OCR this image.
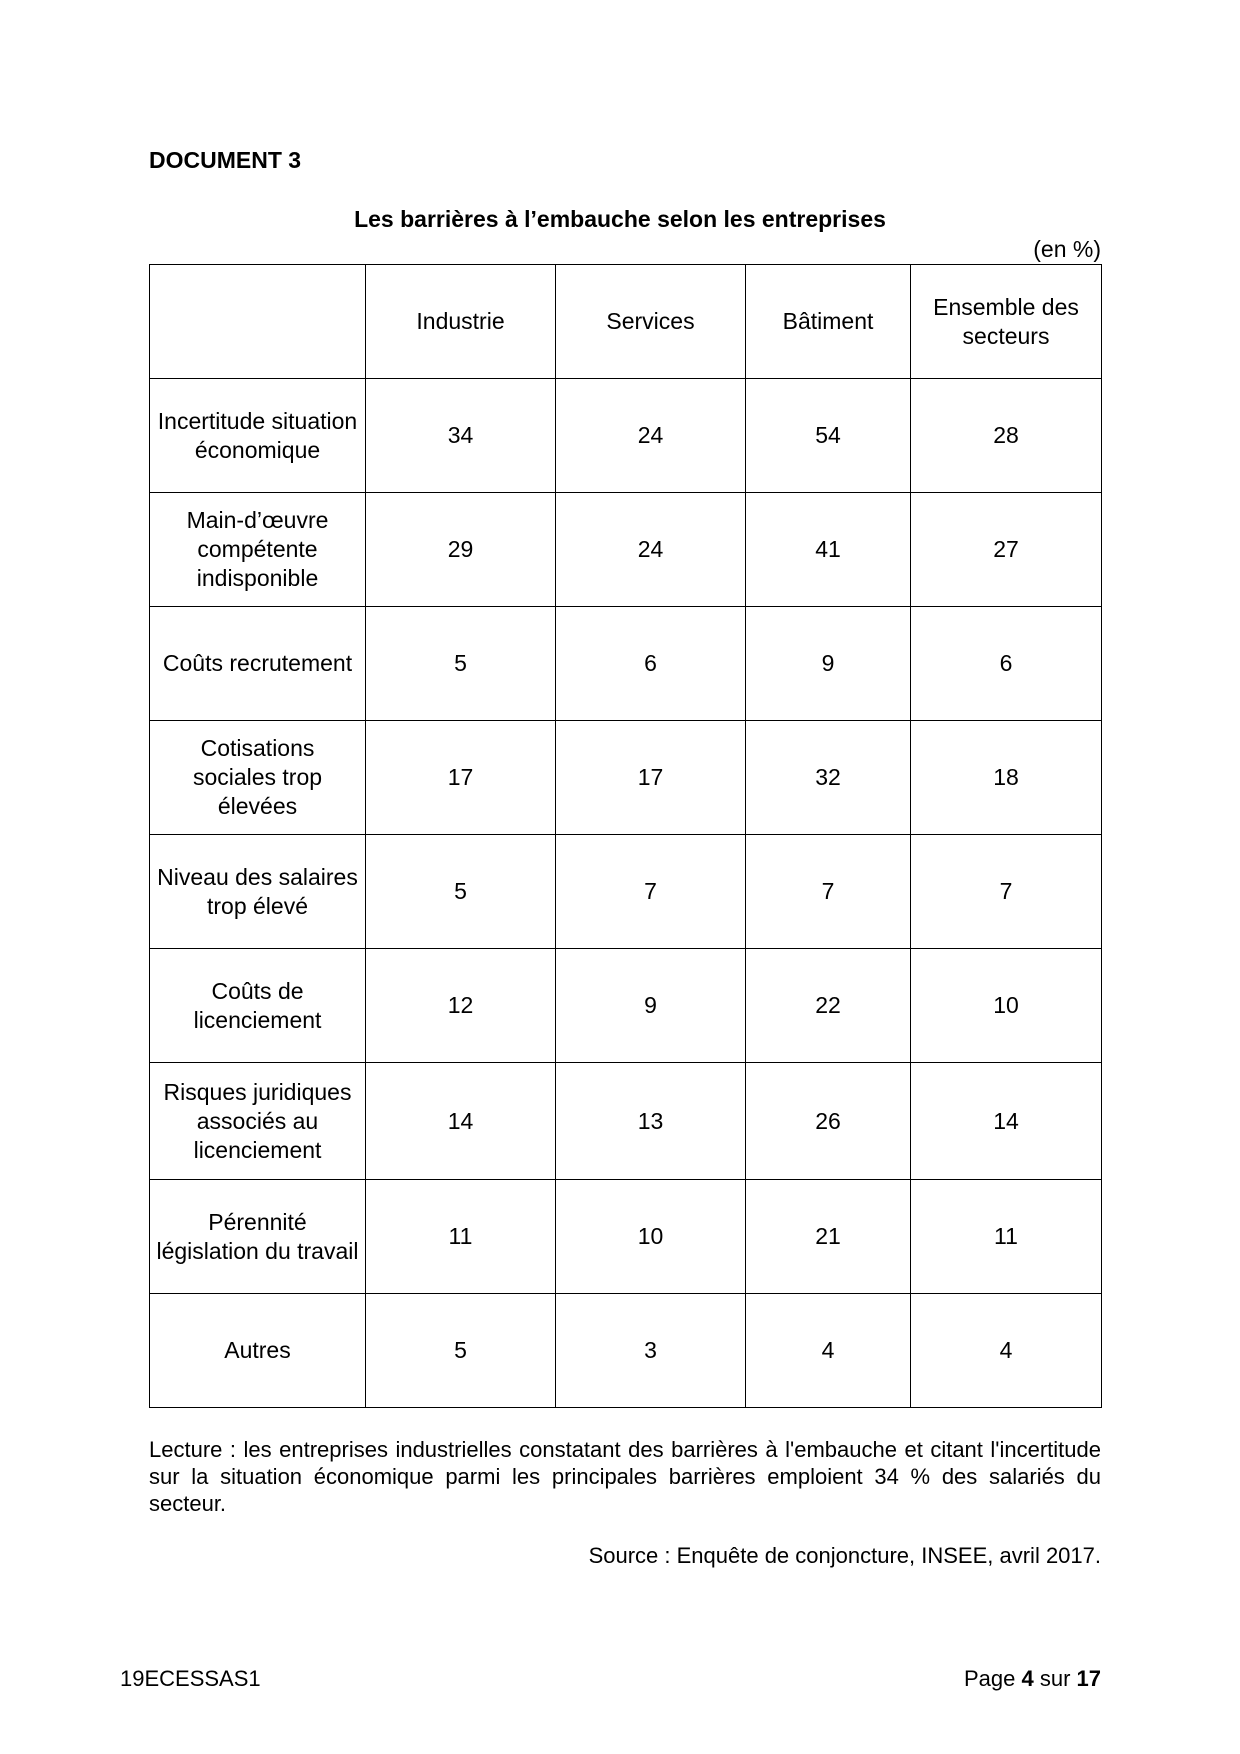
DOCUMENT 3
Les barrières à l’embauche selon les entreprises

(en %)

	Industrie	Services	Bâtiment	Ensemble des secteurs
Incertitude situation économique	34	24	54	28
Main-d’œuvre compétente indisponible	29	24	41	27
Coûts recrutement	5	6	9	6
Cotisations sociales trop élevées	17	17	32	18
Niveau des salaires trop élevé	5	7	7	7
Coûts de licenciement	12	9	22	10
Risques juridiques associés au licenciement	14	13	26	14
Pérennité législation du travail	11	10	21	11
Autres	5	3	4	4

Lecture : les entreprises industrielles constatant des barrières à l'embauche et citant l'incertitude sur la situation économique parmi les principales barrières emploient 34 % des salariés du secteur.

Source : Enquête de conjoncture, INSEE, avril 2017.

19ECESSAS1	Page 4 sur 17
